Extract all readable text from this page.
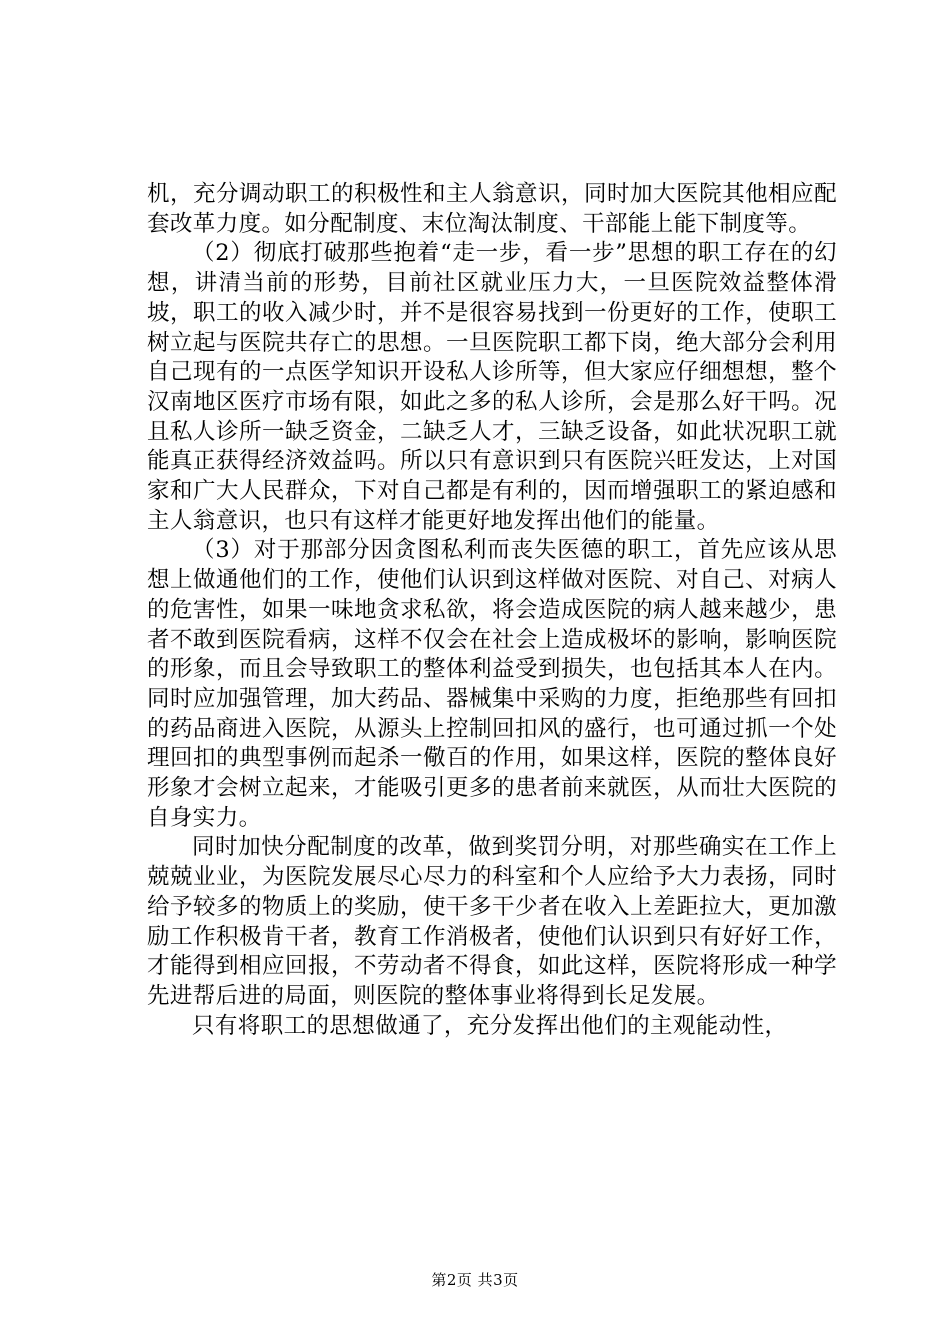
机，充分调动职工的积极性和主人翁意识，同时加大医院其他相应配套改革力度。如分配制度、末位淘汰制度、干部能上能下制度等。

（2）彻底打破那些抱着“走一步，看一步”思想的职工存在的幻想，讲清当前的形势，目前社区就业压力大，一旦医院效益整体滑坡，职工的收入减少时，并不是很容易找到一份更好的工作，使职工树立起与医院共存亡的思想。一旦医院职工都下岗，绝大部分会利用自己现有的一点医学知识开设私人诊所等，但大家应仔细想想，整个汉南地区医疗市场有限，如此之多的私人诊所，会是那么好干吗。况且私人诊所一缺乏资金，二缺乏人才，三缺乏设备，如此状况职工就能真正获得经济效益吗。所以只有意识到只有医院兴旺发达，上对国家和广大人民群众，下对自己都是有利的，因而增强职工的紧迫感和主人翁意识，也只有这样才能更好地发挥出他们的能量。

（3）对于那部分因贪图私利而丧失医德的职工，首先应该从思想上做通他们的工作，使他们认识到这样做对医院、对自己、对病人的危害性，如果一味地贪求私欲，将会造成医院的病人越来越少，患者不敢到医院看病，这样不仅会在社会上造成极坏的影响，影响医院的形象，而且会导致职工的整体利益受到损失，也包括其本人在内。同时应加强管理，加大药品、器械集中采购的力度，拒绝那些有回扣的药品商进入医院，从源头上控制回扣风的盛行，也可通过抓一个处理回扣的典型事例而起杀一儆百的作用，如果这样，医院的整体良好形象才会树立起来，才能吸引更多的患者前来就医，从而壮大医院的自身实力。

同时加快分配制度的改革，做到奖罚分明，对那些确实在工作上兢兢业业，为医院发展尽心尽力的科室和个人应给予大力表扬，同时给予较多的物质上的奖励，使干多干少者在收入上差距拉大，更加激励工作积极肯干者，教育工作消极者，使他们认识到只有好好工作，才能得到相应回报，不劳动者不得食，如此这样，医院将形成一种学先进帮后进的局面，则医院的整体事业将得到长足发展。

只有将职工的思想做通了，充分发挥出他们的主观能动性，

第2页 共3页
